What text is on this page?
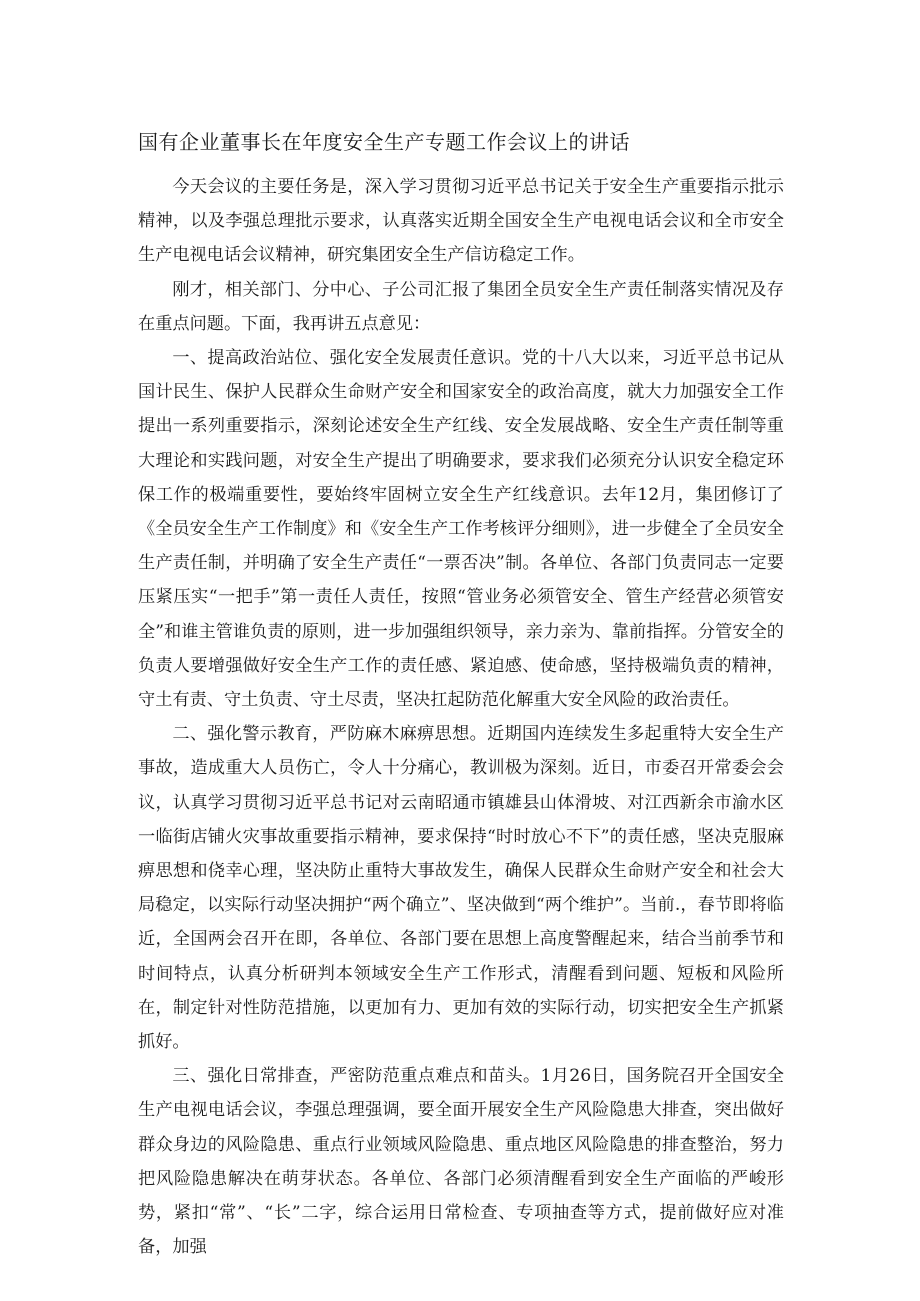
国有企业董事长在年度安全生产专题工作会议上的讲话

今天会议的主要任务是，深入学习贯彻习近平总书记关于安全生产重要指示批示精神，以及李强总理批示要求，认真落实近期全国安全生产电视电话会议和全市安全生产电视电话会议精神，研究集团安全生产信访稳定工作。

刚才，相关部门、分中心、子公司汇报了集团全员安全生产责任制落实情况及存在重点问题。下面，我再讲五点意见：

一、提高政治站位、强化安全发展责任意识。党的十八大以来，习近平总书记从国计民生、保护人民群众生命财产安全和国家安全的政治高度，就大力加强安全工作提出一系列重要指示，深刻论述安全生产红线、安全发展战略、安全生产责任制等重大理论和实践问题，对安全生产提出了明确要求，要求我们必须充分认识安全稳定环保工作的极端重要性，要始终牢固树立安全生产红线意识。去年12月，集团修订了《全员安全生产工作制度》和《安全生产工作考核评分细则》，进一步健全了全员安全生产责任制，并明确了安全生产责任“一票否决”制。各单位、各部门负责同志一定要压紧压实“一把手”第一责任人责任，按照“管业务必须管安全、管生产经营必须管安全”和谁主管谁负责的原则，进一步加强组织领导，亲力亲为、靠前指挥。分管安全的负责人要增强做好安全生产工作的责任感、紧迫感、使命感，坚持极端负责的精神，守土有责、守土负责、守土尽责，坚决扛起防范化解重大安全风险的政治责任。

二、强化警示教育，严防麻木麻痹思想。近期国内连续发生多起重特大安全生产事故，造成重大人员伤亡，令人十分痛心，教训极为深刻。近日，市委召开常委会会议，认真学习贯彻习近平总书记对云南昭通市镇雄县山体滑坡、对江西新余市渝水区一临街店铺火灾事故重要指示精神，要求保持“时时放心不下”的责任感，坚决克服麻痹思想和侥幸心理，坚决防止重特大事故发生，确保人民群众生命财产安全和社会大局稳定，以实际行动坚决拥护“两个确立”、坚决做到“两个维护”。当前.，春节即将临近，全国两会召开在即，各单位、各部门要在思想上高度警醒起来，结合当前季节和时间特点，认真分析研判本领域安全生产工作形式，清醒看到问题、短板和风险所在，制定针对性防范措施，以更加有力、更加有效的实际行动，切实把安全生产抓紧抓好。

三、强化日常排查，严密防范重点难点和苗头。1月26日，国务院召开全国安全生产电视电话会议，李强总理强调，要全面开展安全生产风险隐患大排查，突出做好群众身边的风险隐患、重点行业领域风险隐患、重点地区风险隐患的排查整治，努力把风险隐患解决在萌芽状态。各单位、各部门必须清醒看到安全生产面临的严峻形势，紧扣“常”、“长”二字，综合运用日常检查、专项抽查等方式，提前做好应对准备，加强
